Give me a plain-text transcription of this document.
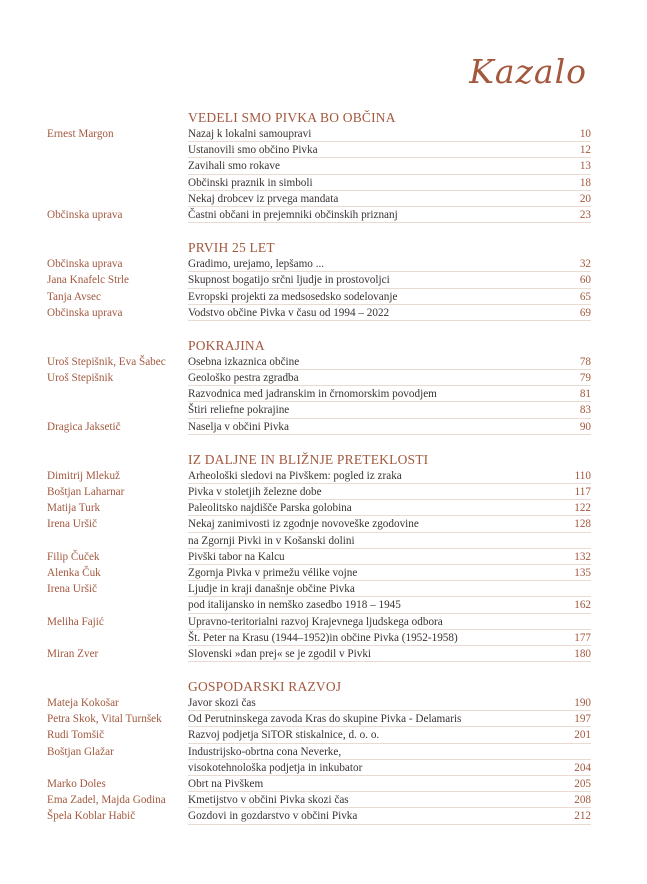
Kazalo
VEDELI SMO PIVKA BO OBČINA
Ernest Margon	Nazaj k lokalni samoupravi	10
Ustanovili smo občino Pivka	12
Zavihali smo rokave	13
Občinski praznik in simboli	18
Nekaj drobcev iz prvega mandata	20
Občinska uprava	Častni občani in prejemniki občinskih priznanj	23
PRVIH 25 LET
Občinska uprava	Gradimo, urejamo, lepšamo ...	32
Jana Knafelc Strle	Skupnost bogatijo srčni ljudje in prostovoljci	60
Tanja Avsec	Evropski projekti za medsosedsko sodelovanje	65
Občinska uprava	Vodstvo občine Pivka v času od 1994 – 2022	69
POKRAJINA
Uroš Stepišnik, Eva Šabec	Osebna izkaznica občine	78
Uroš Stepišnik	Geološko pestra zgradba	79
Razvodnica med jadranskim in črnomorskim povodjem	81
Štiri reliefne pokrajine	83
Dragica Jaksetič	Naselja v občini Pivka	90
IZ DALJNE IN BLIŽNJE PRETEKLOSTI
Dimitrij Mlekuž	Arheološki sledovi na Pivškem: pogled iz zraka	110
Boštjan Laharnar	Pivka v stoletjih železne dobe	117
Matija Turk	Paleolitsko najdišče Parska golobina	122
Irena Uršič	Nekaj zanimivosti iz zgodnje novoveške zgodovine	128
na Zgornji Pivki in v Košanski dolini
Filip Čuček	Pivški tabor na Kalcu	132
Alenka Čuk	Zgornja Pivka v primežu vélike vojne	135
Irena Uršič	Ljudje in kraji današnje občine Pivka
pod italijansko in nemško zasedbo 1918 – 1945	162
Meliha Fajić	Upravno-teritorialni razvoj Krajevnega ljudskega odbora
Št. Peter na Krasu (1944–1952)in občine Pivka (1952-1958)	177
Miran Zver	Slovenski »dan prej« se je zgodil v Pivki	180
GOSPODARSKI RAZVOJ
Mateja Kokošar	Javor skozi čas	190
Petra Skok, Vital Turnšek	Od Perutninskega zavoda Kras do skupine Pivka - Delamaris	197
Rudi Tomšič	Razvoj podjetja SiTOR stiskalnice, d. o. o.	201
Boštjan Glažar	Industrijsko-obrtna cona Neverke,
visokotehnološka podjetja in inkubator	204
Marko Doles	Obrt na Pivškem	205
Ema Zadel, Majda Godina	Kmetijstvo v občini Pivka skozi čas	208
Špela Koblar Habič	Gozdovi in gozdarstvo v občini Pivka	212
